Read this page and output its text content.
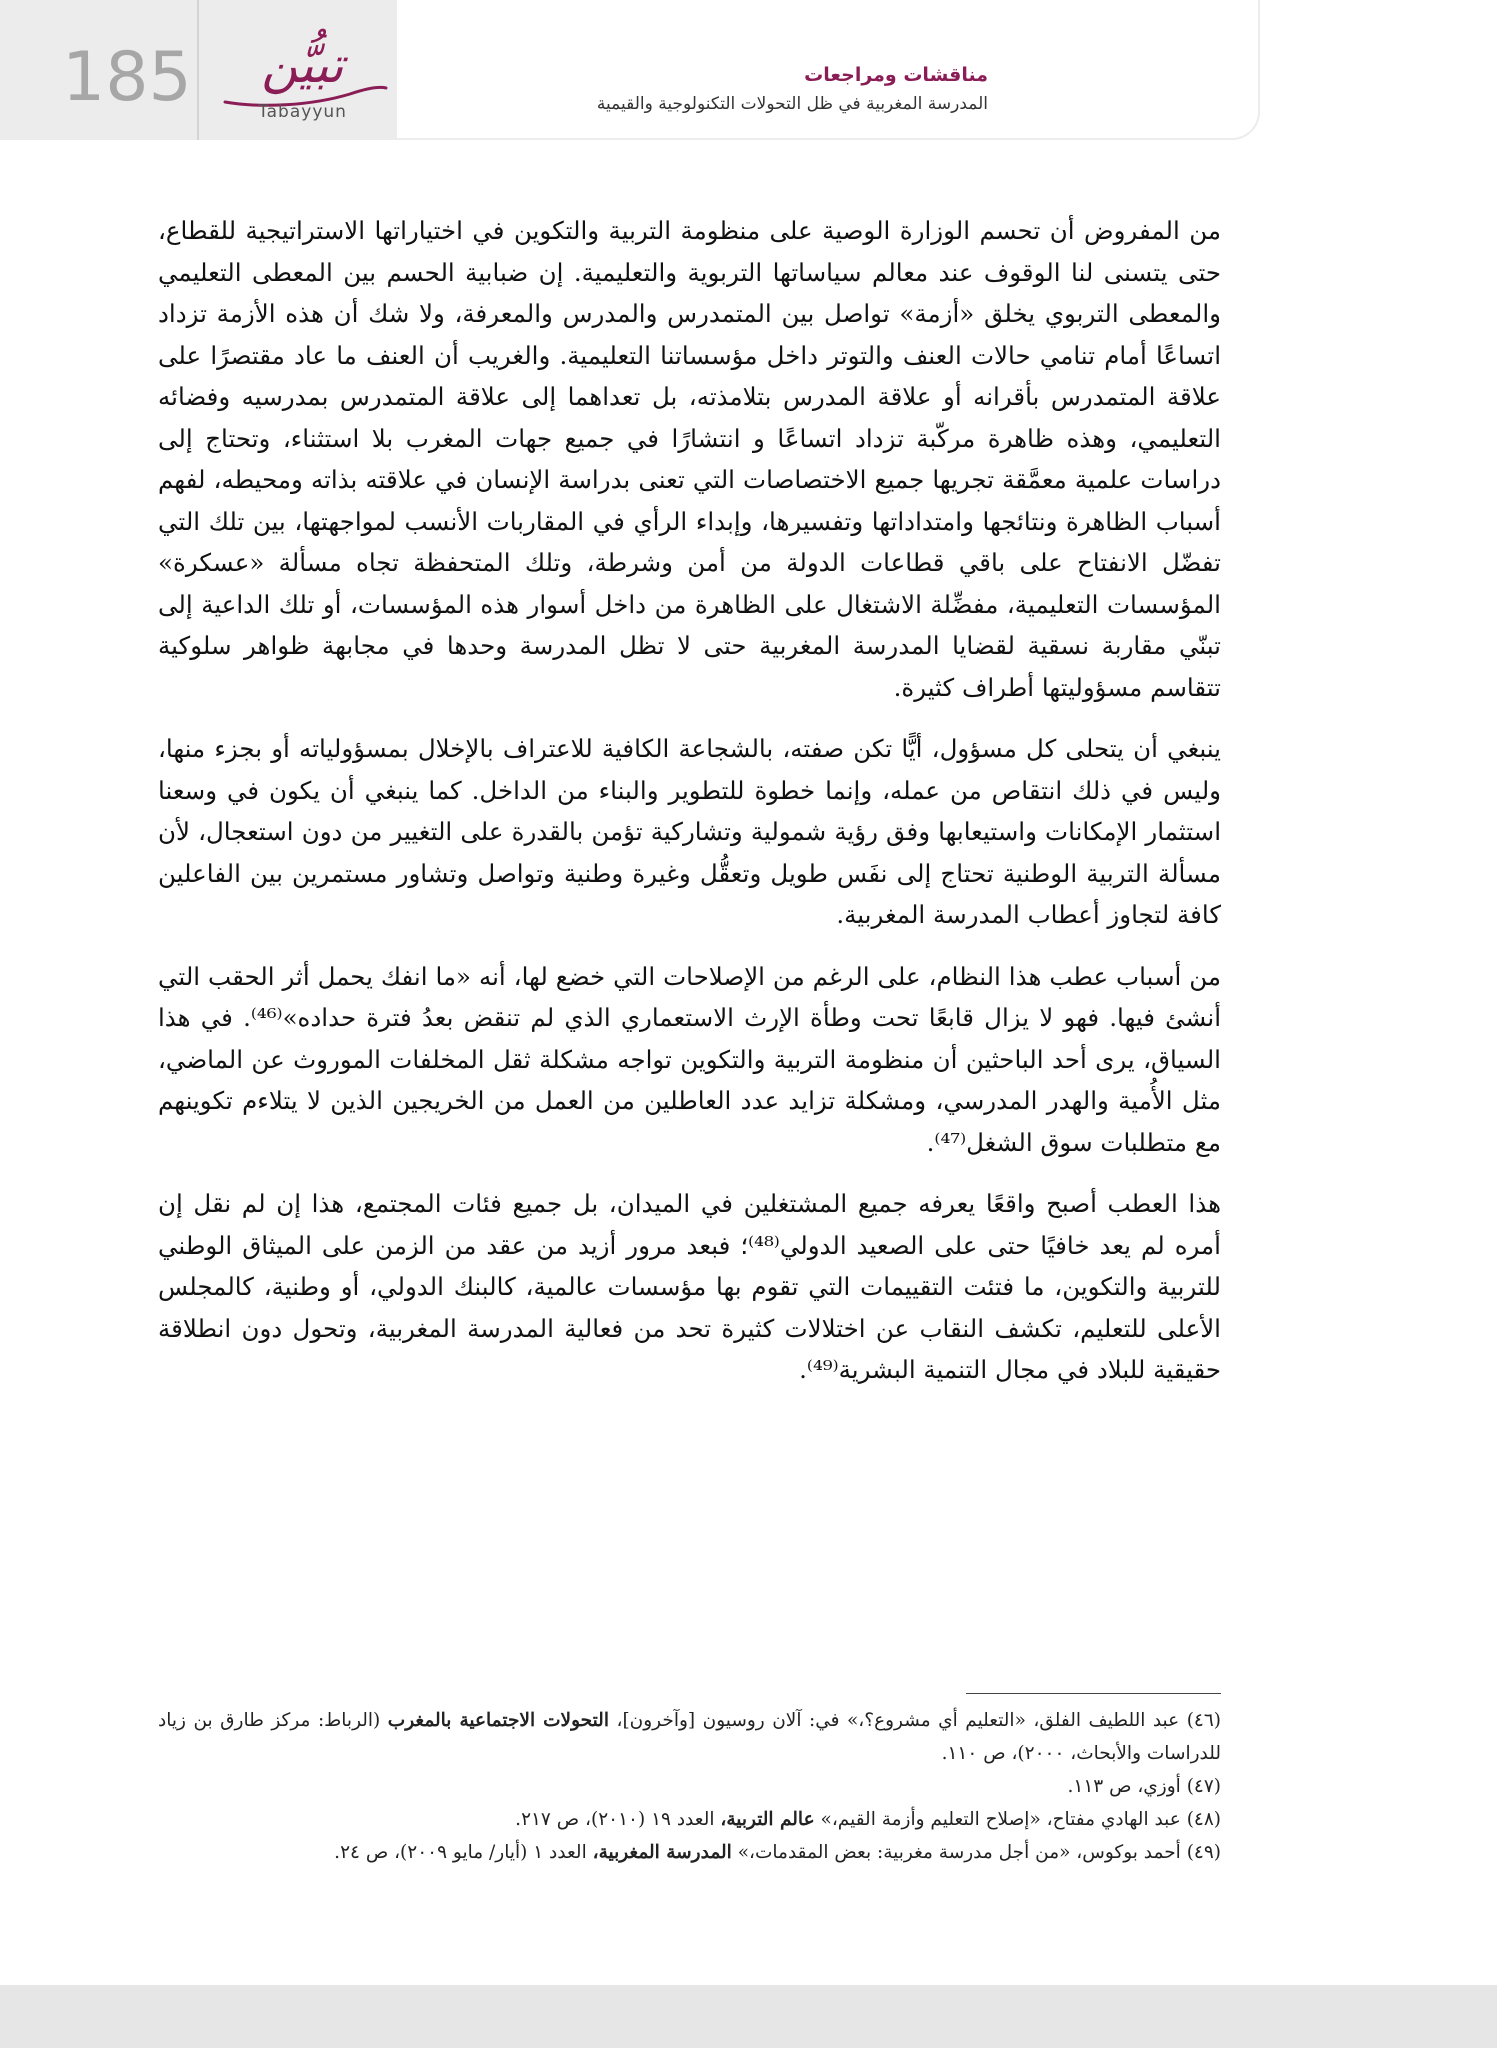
185	تبيُّن
Tabayyun
مناقشات ومراجعات
المدرسة المغربية في ظل التحولات التكنولوجية والقيمية

من المفروض أن تحسم الوزارة الوصية على منظومة التربية والتكوين في اختياراتها الاستراتيجية للقطاع، حتى يتسنى لنا الوقوف عند معالم سياساتها التربوية والتعليمية. إن ضبابية الحسم بين المعطى التعليمي والمعطى التربوي يخلق «أزمة» تواصل بين المتمدرس والمدرس والمعرفة، ولا شك أن هذه الأزمة تزداد اتساعًا أمام تنامي حالات العنف والتوتر داخل مؤسساتنا التعليمية. والغريب أن العنف ما عاد مقتصرًا على علاقة المتمدرس بأقرانه أو علاقة المدرس بتلامذته، بل تعداهما إلى علاقة المتمدرس بمدرسيه وفضائه التعليمي، وهذه ظاهرة مركّبة تزداد اتساعًا و انتشارًا في جميع جهات المغرب بلا استثناء، وتحتاج إلى دراسات علمية معمَّقة تجريها جميع الاختصاصات التي تعنى بدراسة الإنسان في علاقته بذاته ومحيطه، لفهم أسباب الظاهرة ونتائجها وامتداداتها وتفسيرها، وإبداء الرأي في المقاربات الأنسب لمواجهتها، بين تلك التي تفضّل الانفتاح على باقي قطاعات الدولة من أمن وشرطة، وتلك المتحفظة تجاه مسألة «عسكرة» المؤسسات التعليمية، مفضِّلة الاشتغال على الظاهرة من داخل أسوار هذه المؤسسات، أو تلك الداعية إلى تبنّي مقاربة نسقية لقضايا المدرسة المغربية حتى لا تظل المدرسة وحدها في مجابهة ظواهر سلوكية تتقاسم مسؤوليتها أطراف كثيرة.

ينبغي أن يتحلى كل مسؤول، أيًّا تكن صفته، بالشجاعة الكافية للاعتراف بالإخلال بمسؤولياته أو بجزء منها، وليس في ذلك انتقاص من عمله، وإنما خطوة للتطوير والبناء من الداخل. كما ينبغي أن يكون في وسعنا استثمار الإمكانات واستيعابها وفق رؤية شمولية وتشاركية تؤمن بالقدرة على التغيير من دون استعجال، لأن مسألة التربية الوطنية تحتاج إلى نفَس طويل وتعقُّل وغيرة وطنية وتواصل وتشاور مستمرين بين الفاعلين كافة لتجاوز أعطاب المدرسة المغربية.

من أسباب عطب هذا النظام، على الرغم من الإصلاحات التي خضع لها، أنه «ما انفك يحمل أثر الحقب التي أنشئ فيها. فهو لا يزال قابعًا تحت وطأة الإرث الاستعماري الذي لم تنقض بعدُ فترة حداده»⁽⁴⁶⁾. في هذا السياق، يرى أحد الباحثين أن منظومة التربية والتكوين تواجه مشكلة ثقل المخلفات الموروث عن الماضي، مثل الأُمية والهدر المدرسي، ومشكلة تزايد عدد العاطلين من العمل من الخريجين الذين لا يتلاءم تكوينهم مع متطلبات سوق الشغل⁽⁴⁷⁾.

هذا العطب أصبح واقعًا يعرفه جميع المشتغلين في الميدان، بل جميع فئات المجتمع، هذا إن لم نقل إن أمره لم يعد خافيًا حتى على الصعيد الدولي⁽⁴⁸⁾؛ فبعد مرور أزيد من عقد من الزمن على الميثاق الوطني للتربية والتكوين، ما فتئت التقييمات التي تقوم بها مؤسسات عالمية، كالبنك الدولي، أو وطنية، كالمجلس الأعلى للتعليم، تكشف النقاب عن اختلالات كثيرة تحد من فعالية المدرسة المغربية، وتحول دون انطلاقة حقيقية للبلاد في مجال التنمية البشرية⁽⁴⁹⁾.

(٤٦) عبد اللطيف الفلق، «التعليم أي مشروع؟،» في: آلان روسيون [وآخرون]، التحولات الاجتماعية بالمغرب (الرباط: مركز طارق بن زياد للدراسات والأبحاث، ٢٠٠٠)، ص ١١٠.

(٤٧) أوزي، ص ١١٣.

(٤٨) عبد الهادي مفتاح، «إصلاح التعليم وأزمة القيم،» عالم التربية، العدد ١٩ (٢٠١٠)، ص ٢١٧.

(٤٩) أحمد بوكوس، «من أجل مدرسة مغربية: بعض المقدمات،» المدرسة المغربية، العدد ١ (أيار/ مايو ٢٠٠٩)، ص ٢٤.
